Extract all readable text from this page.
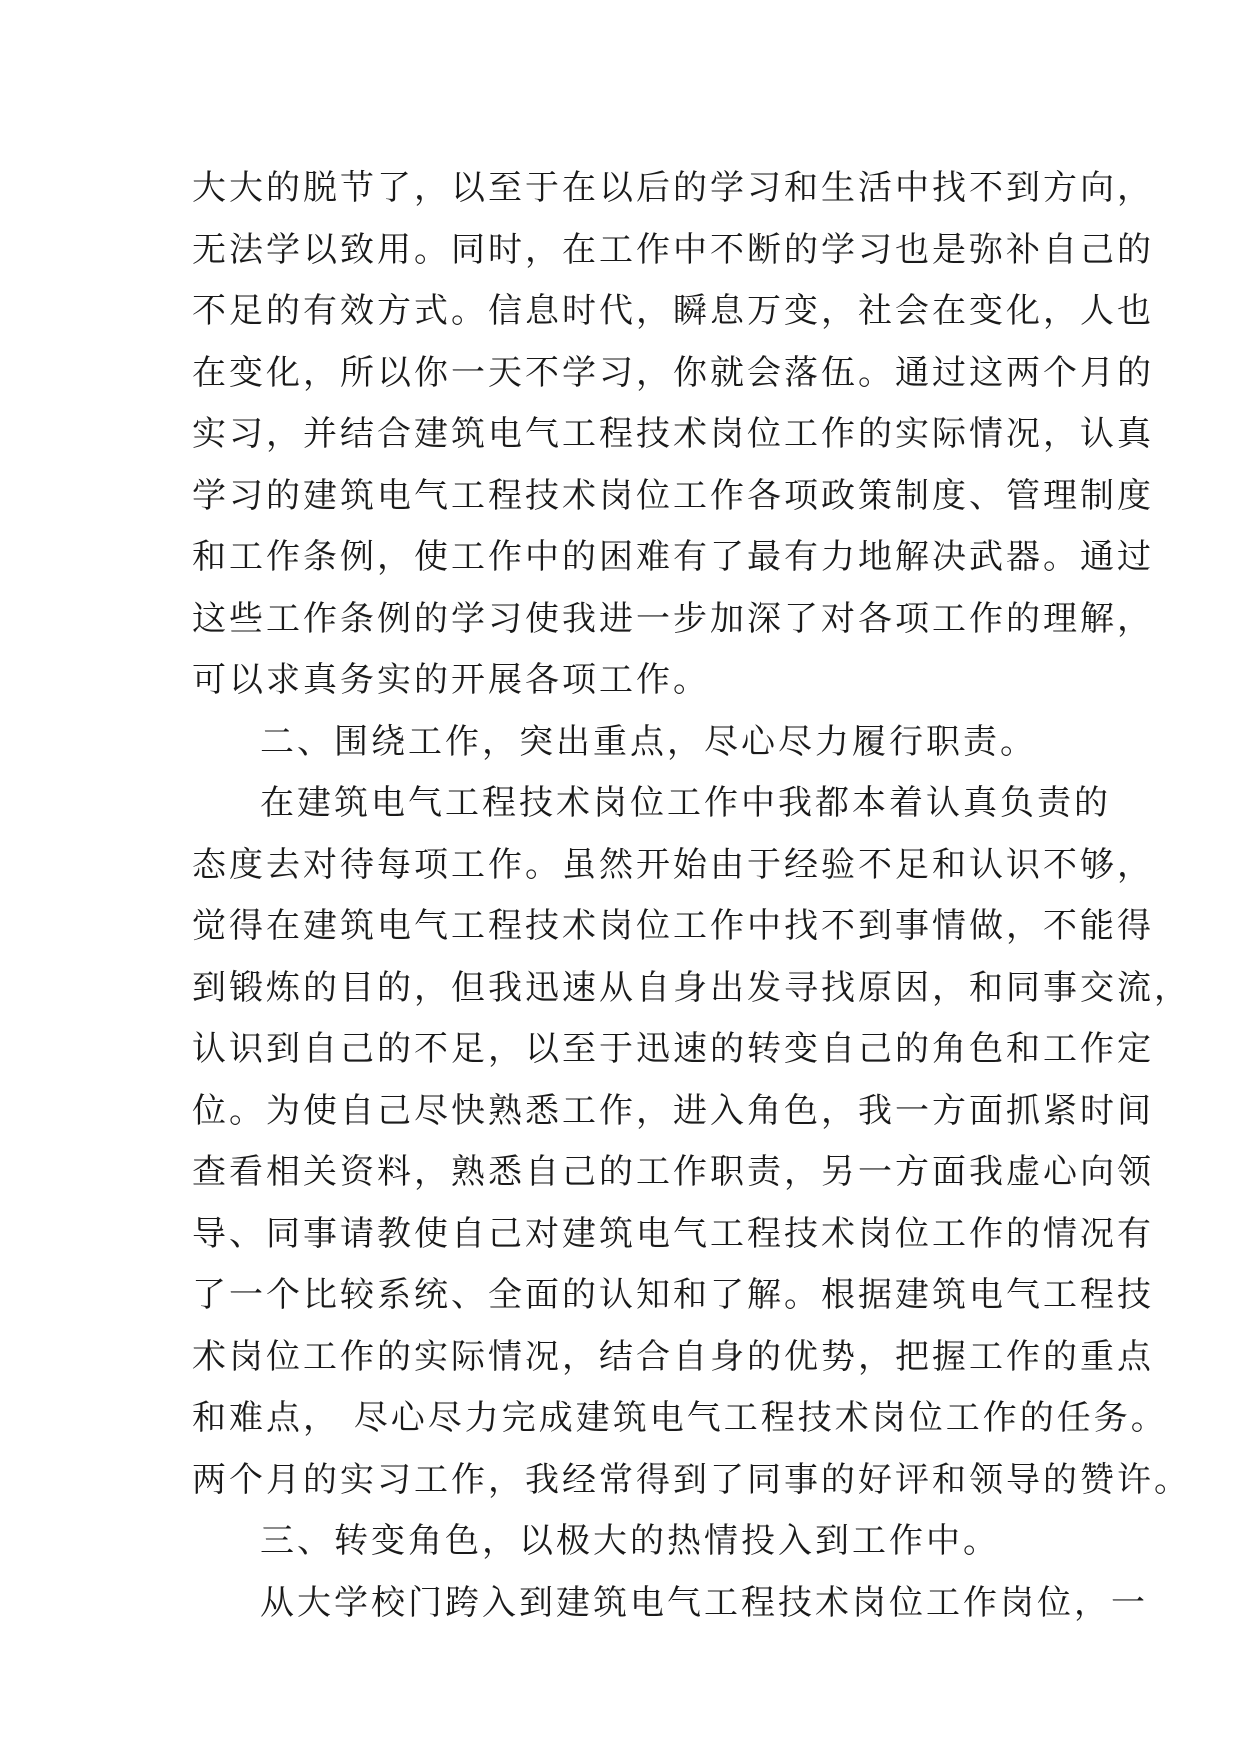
大大的脱节了，以至于在以后的学习和生活中找不到方向，
无法学以致用。同时，在工作中不断的学习也是弥补自己的
不足的有效方式。信息时代，瞬息万变，社会在变化，人也
在变化，所以你一天不学习，你就会落伍。通过这两个月的
实习，并结合建筑电气工程技术岗位工作的实际情况，认真
学习的建筑电气工程技术岗位工作各项政策制度、管理制度
和工作条例，使工作中的困难有了最有力地解决武器。通过
这些工作条例的学习使我进一步加深了对各项工作的理解，
可以求真务实的开展各项工作。
二、围绕工作，突出重点，尽心尽力履行职责。
在建筑电气工程技术岗位工作中我都本着认真负责的
态度去对待每项工作。虽然开始由于经验不足和认识不够，
觉得在建筑电气工程技术岗位工作中找不到事情做，不能得
到锻炼的目的，但我迅速从自身出发寻找原因，和同事交流，
认识到自己的不足，以至于迅速的转变自己的角色和工作定
位。为使自己尽快熟悉工作，进入角色，我一方面抓紧时间
查看相关资料，熟悉自己的工作职责，另一方面我虚心向领
导、同事请教使自己对建筑电气工程技术岗位工作的情况有
了一个比较系统、全面的认知和了解。根据建筑电气工程技
术岗位工作的实际情况，结合自身的优势，把握工作的重点
和难点， 尽心尽力完成建筑电气工程技术岗位工作的任务。
两个月的实习工作，我经常得到了同事的好评和领导的赞许。
三、转变角色，以极大的热情投入到工作中。
从大学校门跨入到建筑电气工程技术岗位工作岗位，一
